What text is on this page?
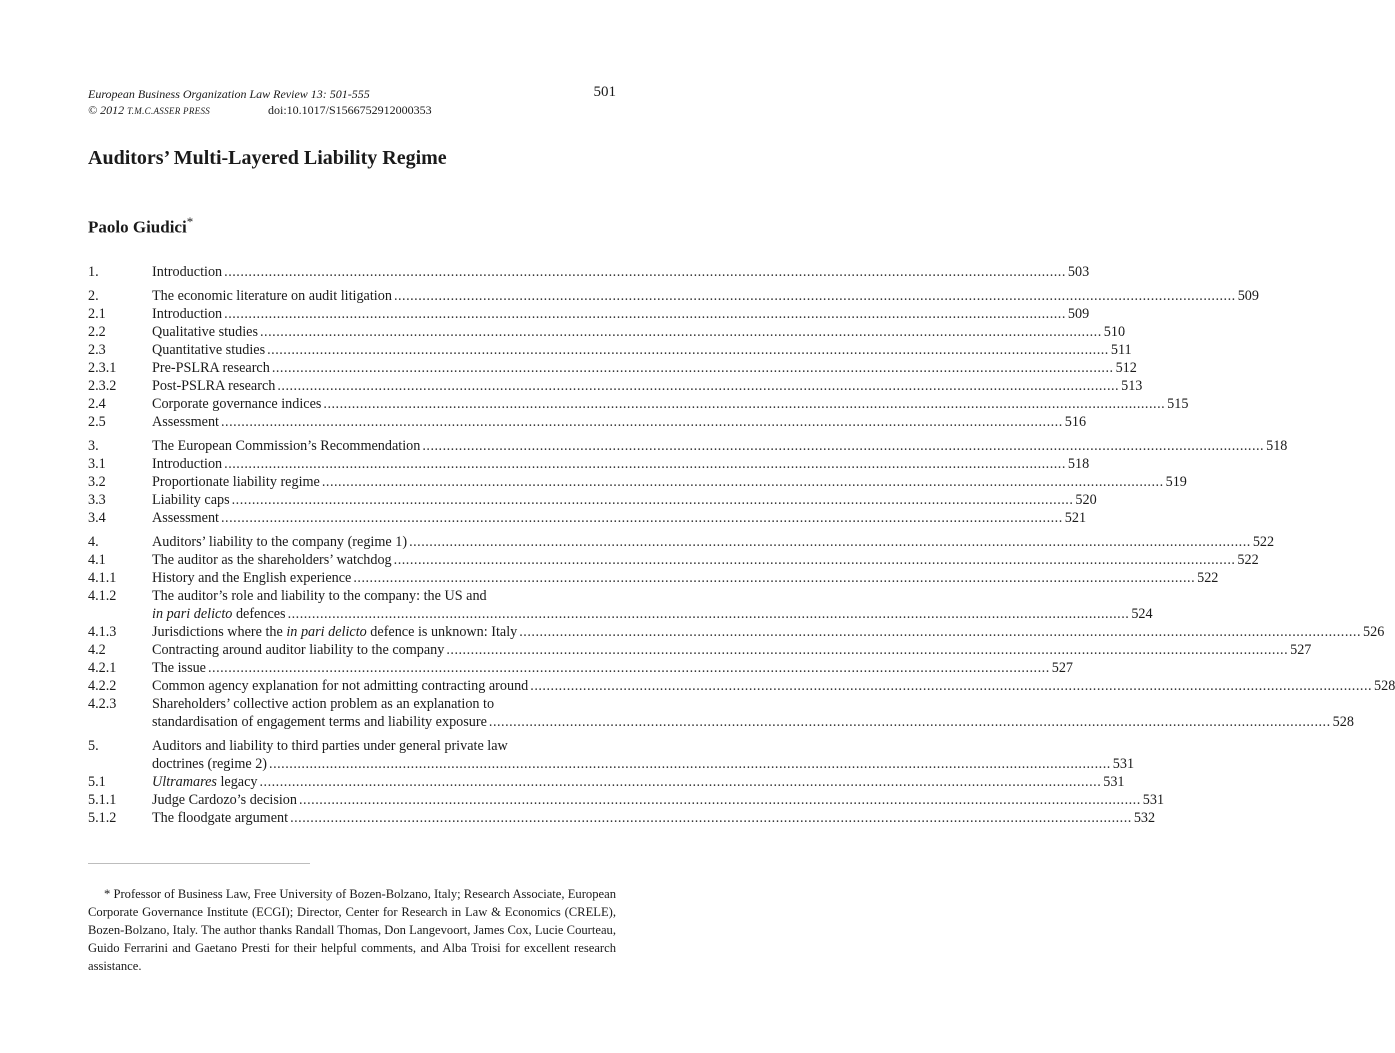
European Business Organization Law Review 13: 501-555	501
© 2012 T.M.C.ASSER PRESS	doi:10.1017/S1566752912000353
Auditors’ Multi-Layered Liability Regime
Paolo Giudici*
1.	Introduction .....	503
2.	The economic literature on audit litigation .....	509
2.1	Introduction .....	509
2.2	Qualitative studies .....	510
2.3	Quantitative studies .....	511
2.3.1	Pre-PSLRA research .....	512
2.3.2	Post-PSLRA research .....	513
2.4	Corporate governance indices .....	515
2.5	Assessment .....	516
3.	The European Commission’s Recommendation .....	518
3.1	Introduction .....	518
3.2	Proportionate liability regime .....	519
3.3	Liability caps .....	520
3.4	Assessment .....	521
4.	Auditors’ liability to the company (regime 1) .....	522
4.1	The auditor as the shareholders’ watchdog .....	522
4.1.1	History and the English experience .....	522
4.1.2	The auditor’s role and liability to the company: the US and
in pari delicto defences .....	524
4.1.3	Jurisdictions where the in pari delicto defence is unknown: Italy .....	526
4.2	Contracting around auditor liability to the company .....	527
4.2.1	The issue .....	527
4.2.2	Common agency explanation for not admitting contracting around .....	528
4.2.3	Shareholders’ collective action problem as an explanation to
standardisation of engagement terms and liability exposure .....	528
5.	Auditors and liability to third parties under general private law
doctrines (regime 2) .....	531
5.1	Ultramares legacy .....	531
5.1.1	Judge Cardozo’s decision .....	531
5.1.2	The floodgate argument .....	532
* Professor of Business Law, Free University of Bozen-Bolzano, Italy; Research Associate, European Corporate Governance Institute (ECGI); Director, Center for Research in Law & Economics (CRELE), Bozen-Bolzano, Italy. The author thanks Randall Thomas, Don Langevoort, James Cox, Lucie Courteau, Guido Ferrarini and Gaetano Presti for their helpful comments, and Alba Troisi for excellent research assistance.
